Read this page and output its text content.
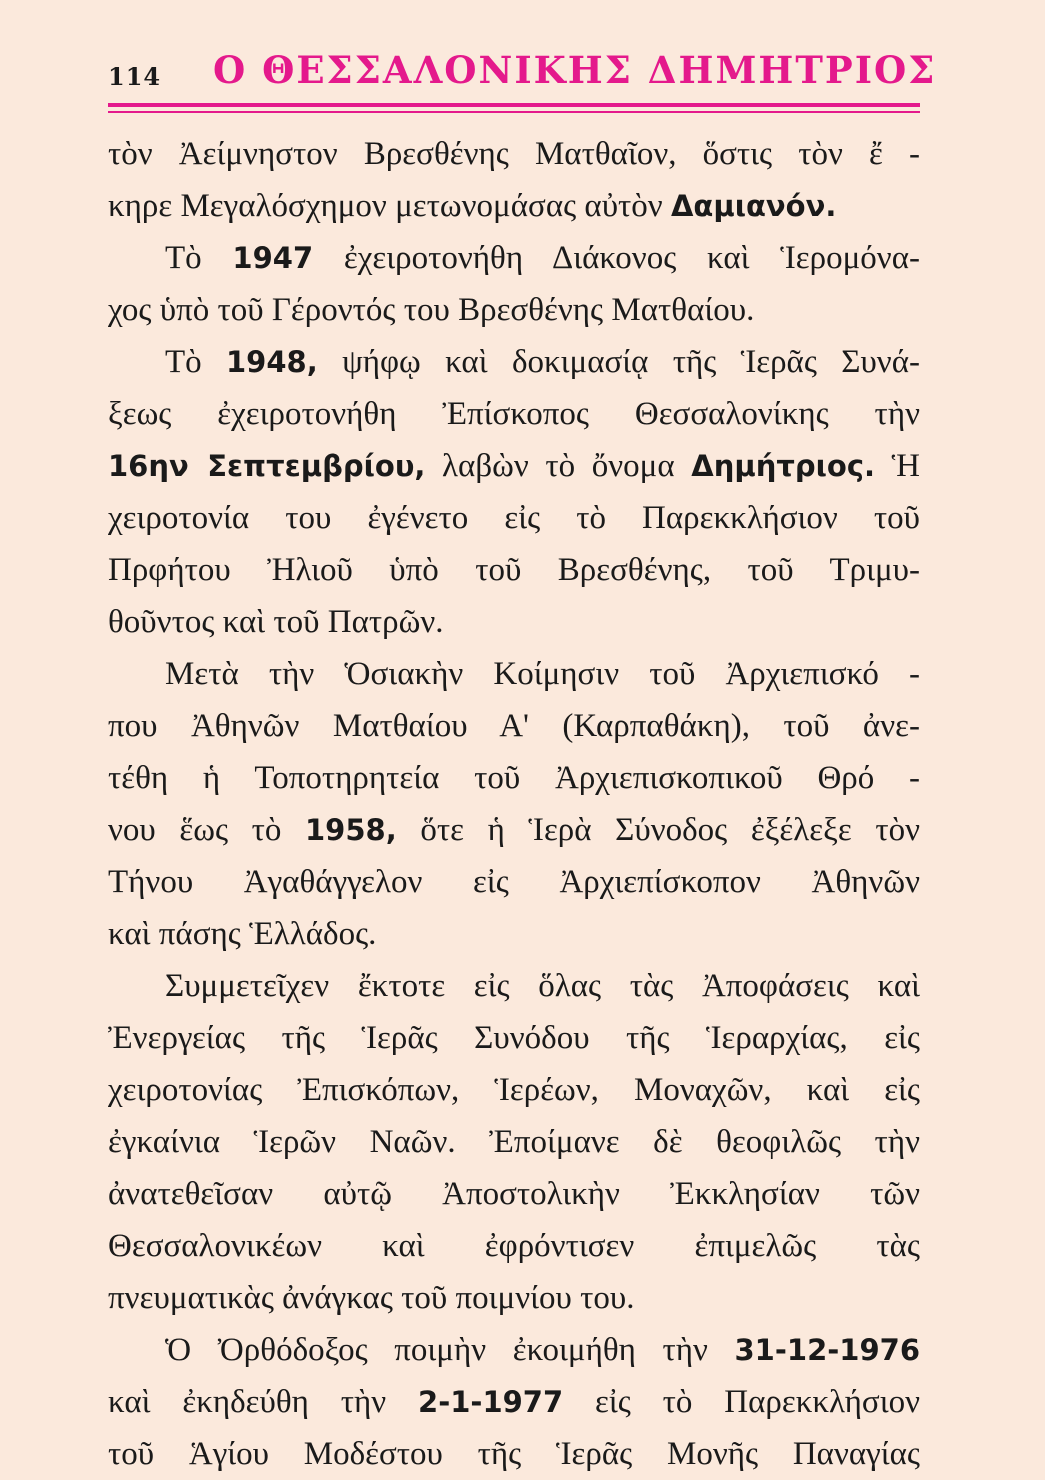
114 Ο ΘΕΣΣΑΛΟΝΙΚΗΣ ΔΗΜΗΤΡΙΟΣ
τὸν Ἀείμνηστον Βρεσθένης Ματθαῖον, ὅστις τὸν ἔ -
κηρε Μεγαλόσχημον μετωνομάσας αὐτὸν Δαμιανόν.
Τὸ 1947 ἐχειροτονήθη Διάκονος καὶ Ἱερομόνα-
χος ὑπὸ τοῦ Γέροντός του Βρεσθένης Ματθαίου.
Τὸ 1948, ψήφῳ καὶ δοκιμασίᾳ τῆς Ἱερᾶς Συνά-
ξεως ἐχειροτονήθη Ἐπίσκοπος Θεσσαλονίκης τὴν
16ην Σεπτεμβρίου, λαβὼν τὸ ὄνομα Δημήτριος. Ἡ
χειροτονία του ἐγένετο εἰς τὸ Παρεκκλήσιον τοῦ
Πρφήτου Ἠλιοῦ ὑπὸ τοῦ Βρεσθένης, τοῦ Τριμυ-
θοῦντος καὶ τοῦ Πατρῶν.
Μετὰ τὴν Ὁσιακὴν Κοίμησιν τοῦ Ἀρχιεπισκό -
που Ἀθηνῶν Ματθαίου Α' (Καρπαθάκη), τοῦ ἀνε-
τέθη ἡ Τοποτηρητεία τοῦ Ἀρχιεπισκοπικοῦ Θρό -
νου ἕως τὸ 1958, ὅτε ἡ Ἱερὰ Σύνοδος ἐξέλεξε τὸν
Τήνου Ἀγαθάγγελον εἰς Ἀρχιεπίσκοπον Ἀθηνῶν
καὶ πάσης Ἑλλάδος.
Συμμετεῖχεν ἔκτοτε εἰς ὅλας τὰς Ἀποφάσεις καὶ
Ἐνεργείας τῆς Ἱερᾶς Συνόδου τῆς Ἱεραρχίας, εἰς
χειροτονίας Ἐπισκόπων, Ἱερέων, Μοναχῶν, καὶ εἰς
ἐγκαίνια Ἱερῶν Ναῶν. Ἐποίμανε δὲ θεοφιλῶς τὴν
ἀνατεθεῖσαν αὐτῷ Ἀποστολικὴν Ἐκκλησίαν τῶν
Θεσσαλονικέων καὶ ἐφρόντισεν ἐπιμελῶς τὰς
πνευματικὰς ἀνάγκας τοῦ ποιμνίου του.
Ὁ Ὀρθόδοξος ποιμὴν ἐκοιμήθη τὴν 31-12-1976
καὶ ἐκηδεύθη τὴν 2-1-1977 εἰς τὸ Παρεκκλήσιον
τοῦ Ἁγίου Μοδέστου τῆς Ἱερᾶς Μονῆς Παναγίας
